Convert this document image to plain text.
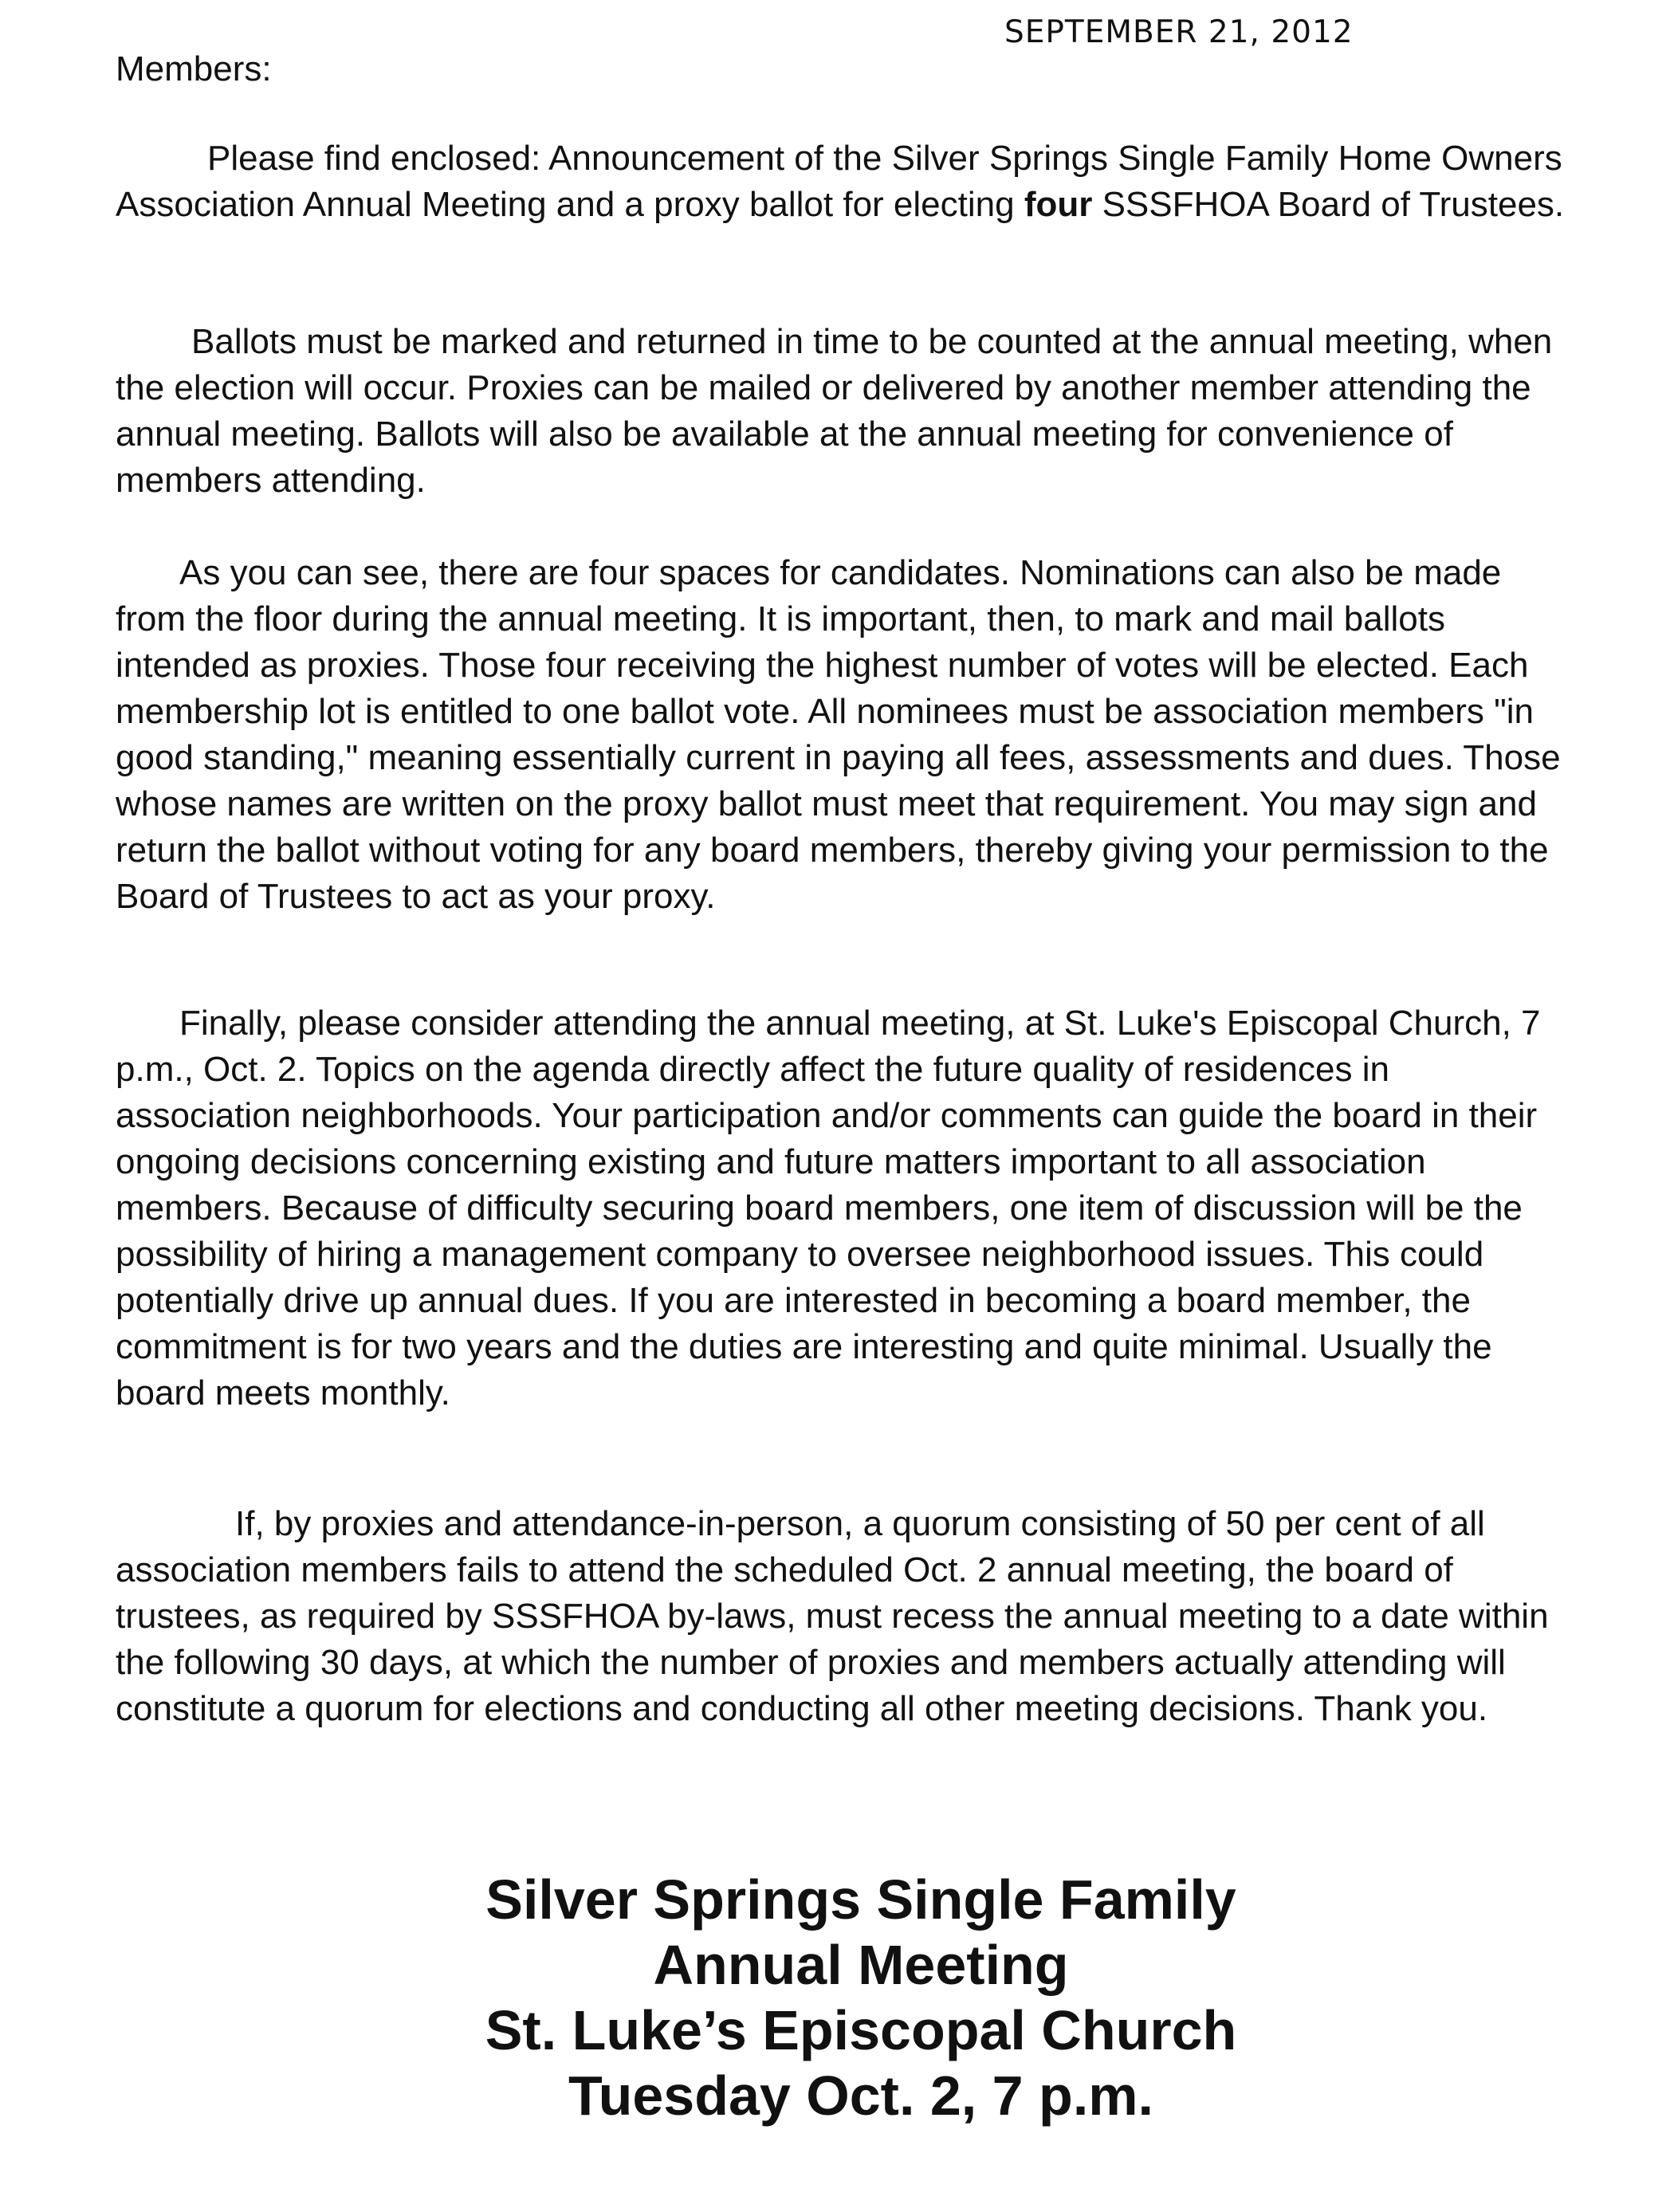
SEPTEMBER 21, 2012
Members:

Please find enclosed: Announcement of the Silver Springs Single Family Home Owners Association Annual Meeting and a proxy ballot for electing four SSSFHOA Board of Trustees.

Ballots must be marked and returned in time to be counted at the annual meeting, when the election will occur. Proxies can be mailed or delivered by another member attending the annual meeting. Ballots will also be available at the annual meeting for convenience of members attending.

As you can see, there are four spaces for candidates. Nominations can also be made from the floor during the annual meeting. It is important, then, to mark and mail ballots intended as proxies. Those four receiving the highest number of votes will be elected. Each membership lot is entitled to one ballot vote. All nominees must be association members "in good standing," meaning essentially current in paying all fees, assessments and dues. Those whose names are written on the proxy ballot must meet that requirement. You may sign and return the ballot without voting for any board members, thereby giving your permission to the Board of Trustees to act as your proxy.

Finally, please consider attending the annual meeting, at St. Luke's Episcopal Church, 7 p.m., Oct. 2. Topics on the agenda directly affect the future quality of residences in association neighborhoods. Your participation and/or comments can guide the board in their ongoing decisions concerning existing and future matters important to all association members. Because of difficulty securing board members, one item of discussion will be the possibility of hiring a management company to oversee neighborhood issues. This could potentially drive up annual dues. If you are interested in becoming a board member, the commitment is for two years and the duties are interesting and quite minimal. Usually the board meets monthly.

If, by proxies and attendance-in-person, a quorum consisting of 50 per cent of all association members fails to attend the scheduled Oct. 2 annual meeting, the board of trustees, as required by SSSFHOA by-laws, must recess the annual meeting to a date within the following 30 days, at which the number of proxies and members actually attending will constitute a quorum for elections and conducting all other meeting decisions. Thank you.

Silver Springs Single Family
Annual Meeting
St. Luke’s Episcopal Church
Tuesday Oct. 2, 7 p.m.
